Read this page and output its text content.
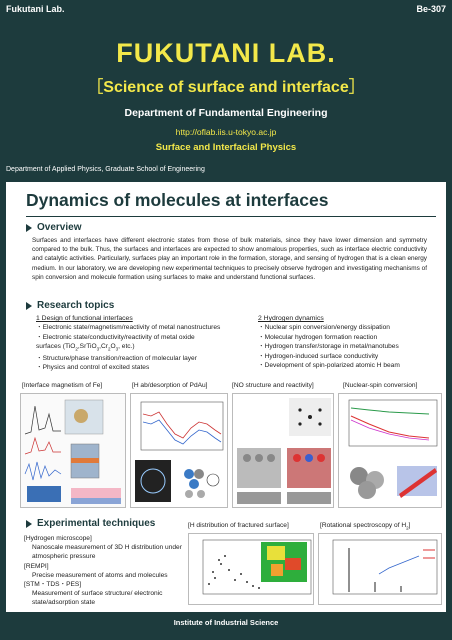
Fukutani Lab.	Be-307
FUKUTANI LAB.
［Science of surface and interface］
Department of Fundamental Engineering
http://oflab.iis.u-tokyo.ac.jp
Surface and Interfacial Physics
Department of Applied Physics, Graduate School of Engineering
Dynamics of molecules at interfaces
Overview
Surfaces and interfaces have different electronic states from those of bulk materials, since they have lower dimension and symmetry compared to the bulk. Thus, the surfaces and interfaces are expected to show anomalous properties, such as interface electric conductivity and catalytic activities. Particularly, surfaces play an important role in the formation, storage, and sensing of hydrogen that is a clean energy medium. In our laboratory, we are developing new experimental techniques to precisely observe hydrogen and investigating mechanisms of spin conversion and molecule formation using surfaces to make and understand functional surfaces.
Research topics
1 Design of functional interfaces
・Electronic state/magnetism/reactivity of metal nanostructures
・Electronic state/conductivity/reactivity of metal oxide
surfaces ($TiO_2,SrTiO_3,Cr_2O_3$, etc.)
・Structure/phase transition/reaction of molecular layer
・Physics and control of excited states
2 Hydrogen dynamics
・Nuclear spin conversion/energy dissipation
・Molecular hydrogen formation reaction
・Hydrogen transfer/storage in metal/nanotubes
・Hydrogen-induced surface conductivity
・Development of spin-polarized atomic H beam
[Interface magnetism of Fe]	[H ab/desorption of PdAu]	[NO structure and reactivity]	[Nuclear-spin conversion]
Experimental techniques
[Hydrogen microscope]
Nanoscale measurement of 3D H distribution under atmospheric pressure
[REMPI]
Precise measurement of atoms and molecules
[STM・TDS・PES]
Measurement of surface structure/ electronic state/adsorption state
[H distribution of fractured surface]	[Rotational spectroscopy of $H_2$]
Institute of Industrial Science
